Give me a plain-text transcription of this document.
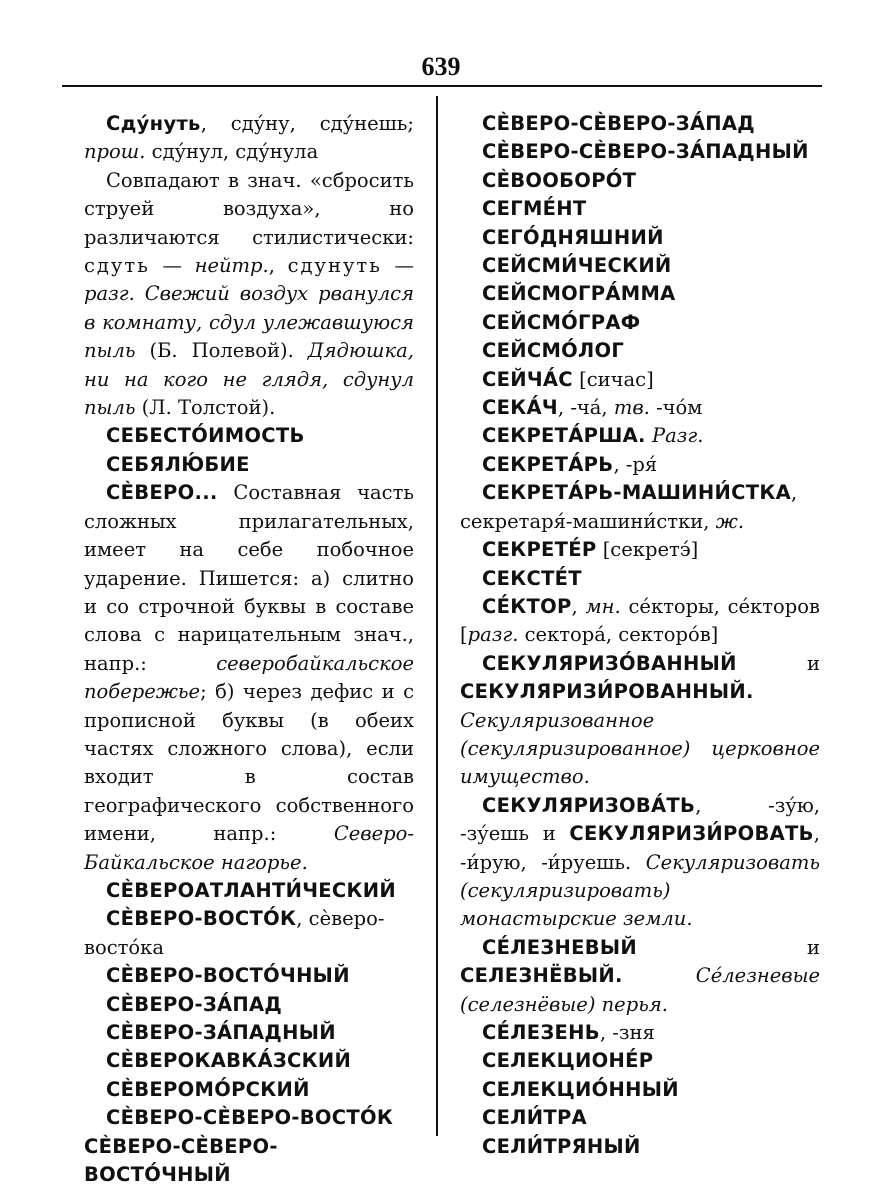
639
Сду́нуть, сду́ну, сду́нешь; прош. сду́нул, сду́нула
Совпадают в знач. «сбросить струей воздуха», но различаются стилистически: сдуть — нейтр., сдунуть — разг. Свежий воздух рванулся в комнату, сдул улежавшуюся пыль (Б. Полевой). Дядюшка, ни на кого не глядя, сдунул пыль (Л. Толстой).
СЕБЕСТО́ИМОСТЬ
СЕБЯЛЮ́БИЕ
СЀВЕРО... Составная часть сложных прилагательных, имеет на себе побочное ударение. Пишется: а) слитно и со строчной буквы в составе слова с нарицательным знач., напр.: северобайкальское побережье; б) через дефис и с прописной буквы (в обеих частях сложного слова), если входит в состав географического собственного имени, напр.: Северо-Байкальское нагорье.
СЀВЕРОАТЛАНТИ́ЧЕСКИЙ
СЀВЕРО-ВОСТО́К, сѐверо-восто́ка
СЀВЕРО-ВОСТО́ЧНЫЙ
СЀВЕРО-ЗА́ПАД
СЀВЕРО-ЗА́ПАДНЫЙ
СЀВЕРОКАВКА́ЗСКИЙ
СЀВЕРОМО́РСКИЙ
СЀВЕРО-СЀВЕРО-ВОСТО́К
СЀВЕРО-СЀВЕРО-ВОСТО́ЧНЫЙ
СЀВЕРО-СЀВЕРО-ЗА́ПАД
СЀВЕРО-СЀВЕРО-ЗА́ПАДНЫЙ
СЀВООБОРО́Т
СЕГМЕ́НТ
СЕГО́ДНЯШНИЙ
СЕЙСМИ́ЧЕСКИЙ
СЕЙСМОГРА́ММА
СЕЙСМО́ГРАФ
СЕЙСМО́ЛОГ
СЕЙЧА́С [сичас]
СЕКА́Ч, -ча́, тв. -чо́м
СЕКРЕТА́РША. Разг.
СЕКРЕТА́РЬ, -ря́
СЕКРЕТА́РЬ-МАШИНИ́СТКА, секретаря́-машини́стки, ж.
СЕКРЕТЕ́Р [секретэ́]
СЕКСТЕ́Т
СЕ́КТОР, мн. се́кторы, се́кторов [разг. сектора́, секторо́в]
СЕКУЛЯРИЗО́ВАННЫЙ и СЕКУЛЯРИЗИ́РОВАННЫЙ. Секуляризованное (секуляризированное) церковное имущество.
СЕКУЛЯРИЗОВА́ТЬ, -зу́ю, -зу́ешь и СЕКУЛЯРИЗИ́РОВАТЬ, -и́рую, -и́руешь. Секуляризовать (секуляризировать) монастырские земли.
СЕ́ЛЕЗНЕВЫЙ и СЕЛЕЗНЁВЫЙ. Се́лезневые (селезнёвые) перья.
СЕ́ЛЕЗЕНЬ, -зня
СЕЛЕКЦИОНЕ́Р
СЕЛЕКЦИО́ННЫЙ
СЕЛИ́ТРА
СЕЛИ́ТРЯНЫЙ
